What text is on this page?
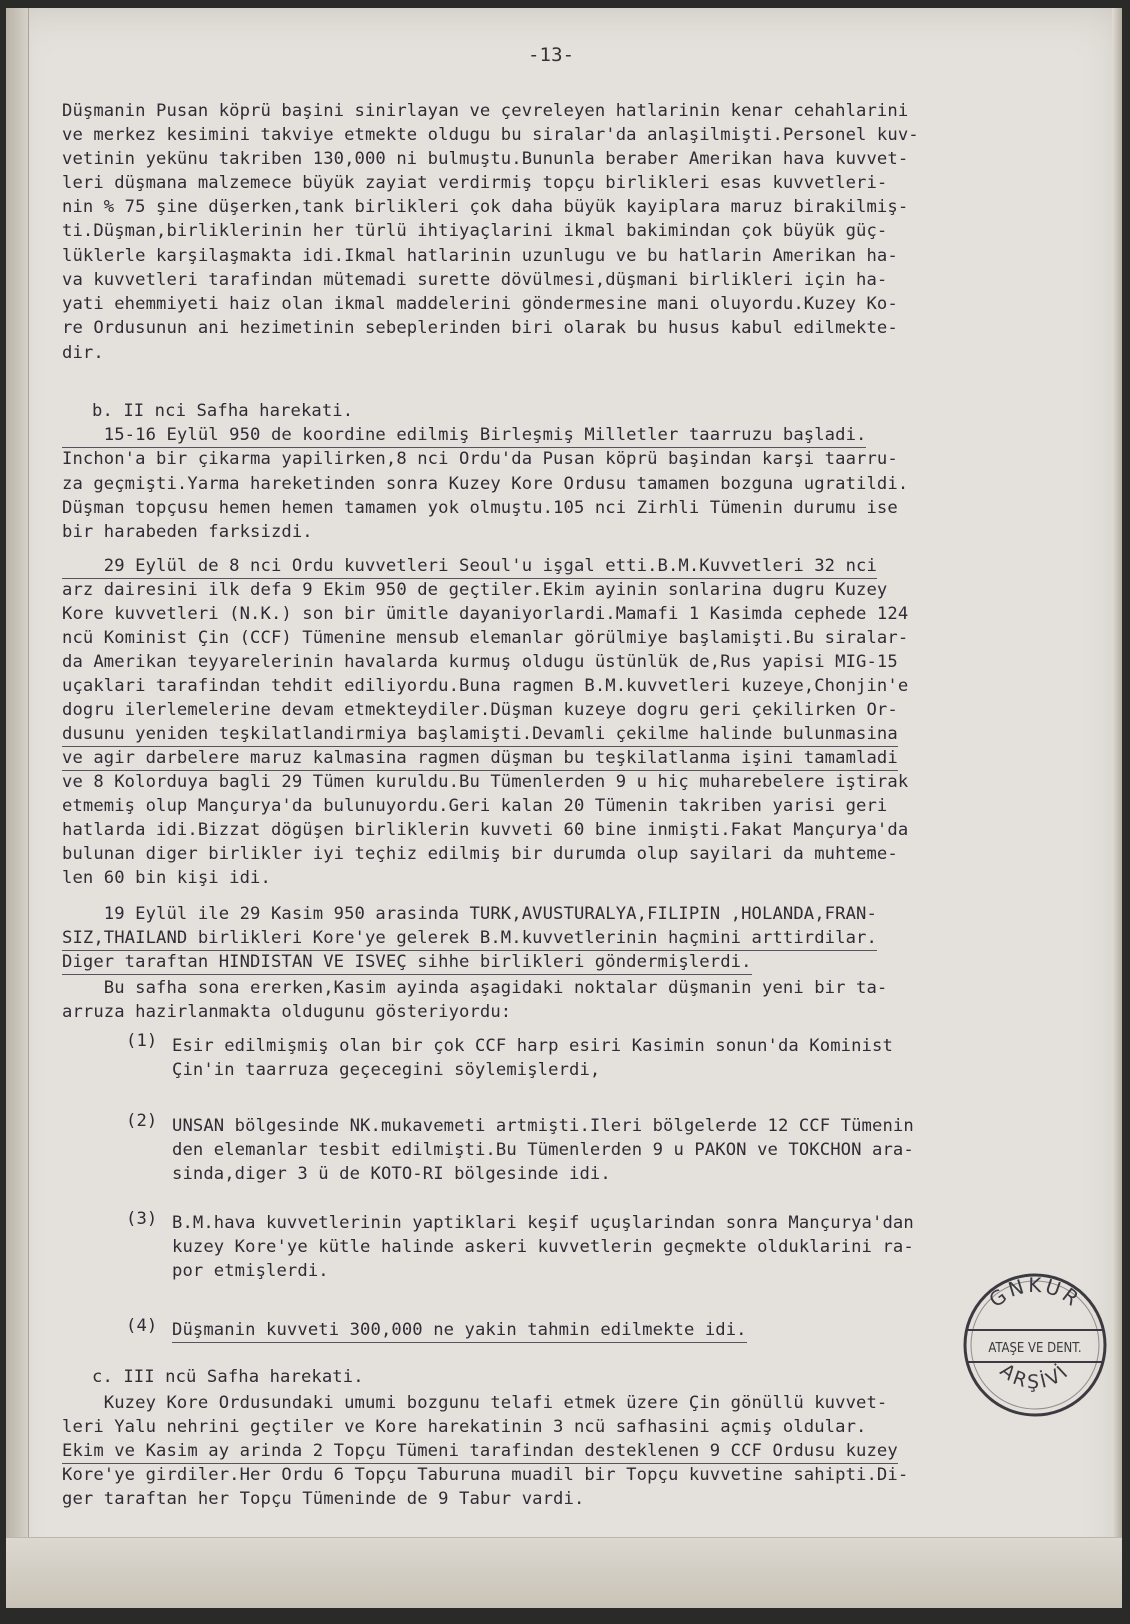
-13-
Düşmanin Pusan köprü başini sinirlayan ve çevreleyen hatlarinin kenar cehahlarini
ve merkez kesimini takviye etmekte oldugu bu siralar'da anlaşilmişti.Personel kuv-
vetinin yekünu takriben 130,000 ni bulmuştu.Bununla beraber Amerikan hava kuvvet-
leri düşmana malzemece büyük zayiat verdirmiş topçu birlikleri esas kuvvetleri-
nin % 75 şine düşerken,tank birlikleri çok daha büyük kayiplara maruz birakilmiş-
ti.Düşman,birliklerinin her türlü ihtiyaçlarini ikmal bakimindan çok büyük güç-
lüklerle karşilaşmakta idi.Ikmal hatlarinin uzunlugu ve bu hatlarin Amerikan ha-
va kuvvetleri tarafindan mütemadi surette dövülmesi,düşmani birlikleri için ha-
yati ehemmiyeti haiz olan ikmal maddelerini göndermesine mani oluyordu.Kuzey Ko-
re Ordusunun ani hezimetinin sebeplerinden biri olarak bu husus kabul edilmekte-
dir.
b. II nci Safha harekati.
15-16 Eylül 950 de koordine edilmiş Birleşmiş Milletler taarruzu başladi.
Inchon'a bir çikarma yapilirken,8 nci Ordu'da Pusan köprü başindan karşi taarru-
za geçmişti.Yarma hareketinden sonra Kuzey Kore Ordusu tamamen bozguna ugratildi.
Düşman topçusu hemen hemen tamamen yok olmuştu.105 nci Zirhli Tümenin durumu ise
bir harabeden farksizdi.
29 Eylül de 8 nci Ordu kuvvetleri Seoul'u işgal etti.B.M.Kuvvetleri 32 nci
arz dairesini ilk defa 9 Ekim 950 de geçtiler.Ekim ayinin sonlarina dugru Kuzey
Kore kuvvetleri (N.K.) son bir ümitle dayaniyorlardi.Mamafi 1 Kasimda cephede 124
ncü Kominist Çin (CCF) Tümenine mensub elemanlar görülmiye başlamişti.Bu siralar-
da Amerikan teyyarelerinin havalarda kurmuş oldugu üstünlük de,Rus yapisi MIG-15
uçaklari tarafindan tehdit ediliyordu.Buna ragmen B.M.kuvvetleri kuzeye,Chonjin'e
dogru ilerlemelerine devam etmekteydiler.Düşman kuzeye dogru geri çekilirken Or-
dusunu yeniden teşkilatlandirmiya başlamişti.Devamli çekilme halinde bulunmasina
ve agir darbelere maruz kalmasina ragmen düşman bu teşkilatlanma işini tamamladi
ve 8 Kolorduya bagli 29 Tümen kuruldu.Bu Tümenlerden 9 u hiç muharebelere iştirak
etmemiş olup Mançurya'da bulunuyordu.Geri kalan 20 Tümenin takriben yarisi geri
hatlarda idi.Bizzat dögüşen birliklerin kuvveti 60 bine inmişti.Fakat Mançurya'da
bulunan diger birlikler iyi teçhiz edilmiş bir durumda olup sayilari da muhteme-
len 60 bin kişi idi.
19 Eylül ile 29 Kasim 950 arasinda TURK,AVUSTURALYA,FILIPIN ,HOLANDA,FRAN-
SIZ,THAILAND birlikleri Kore'ye gelerek B.M.kuvvetlerinin haçmini arttirdilar.
Diger taraftan HINDISTAN VE ISVEÇ sihhe birlikleri göndermişlerdi.
Bu safha sona ererken,Kasim ayinda aşagidaki noktalar düşmanin yeni bir ta-
arruza hazirlanmakta oldugunu gösteriyordu:
(1) Esir edilmişmiş olan bir çok CCF harp esiri Kasimin sonun'da Kominist
Çin'in taarruza geçecegini söylemişlerdi,
(2) UNSAN bölgesinde NK.mukavemeti artmişti.Ileri bölgelerde 12 CCF Tümenin
den elemanlar tesbit edilmişti.Bu Tümenlerden 9 u PAKON ve TOKCHON ara-
sinda,diger 3 ü de KOTO-RI bölgesinde idi.
(3) B.M.hava kuvvetlerinin yaptiklari keşif uçuşlarindan sonra Mançurya'dan
kuzey Kore'ye kütle halinde askeri kuvvetlerin geçmekte olduklarini ra-
por etmişlerdi.
(4) Düşmanin kuvveti 300,000 ne yakin tahmin edilmekte idi.
c. III ncü Safha harekati.
Kuzey Kore Ordusundaki umumi bozgunu telafi etmek üzere Çin gönüllü kuvvet-
leri Yalu nehrini geçtiler ve Kore harekatinin 3 ncü safhasini açmiş oldular.
Ekim ve Kasim ay arinda 2 Topçu Tümeni tarafindan desteklenen 9 CCF Ordusu kuzey
Kore'ye girdiler.Her Ordu 6 Topçu Taburuna muadil bir Topçu kuvvetine sahipti.Di-
ger taraftan her Topçu Tümeninde de 9 Tabur vardi.
GNKUR
ATAŞE VE DENT.
ARŞİVİ
